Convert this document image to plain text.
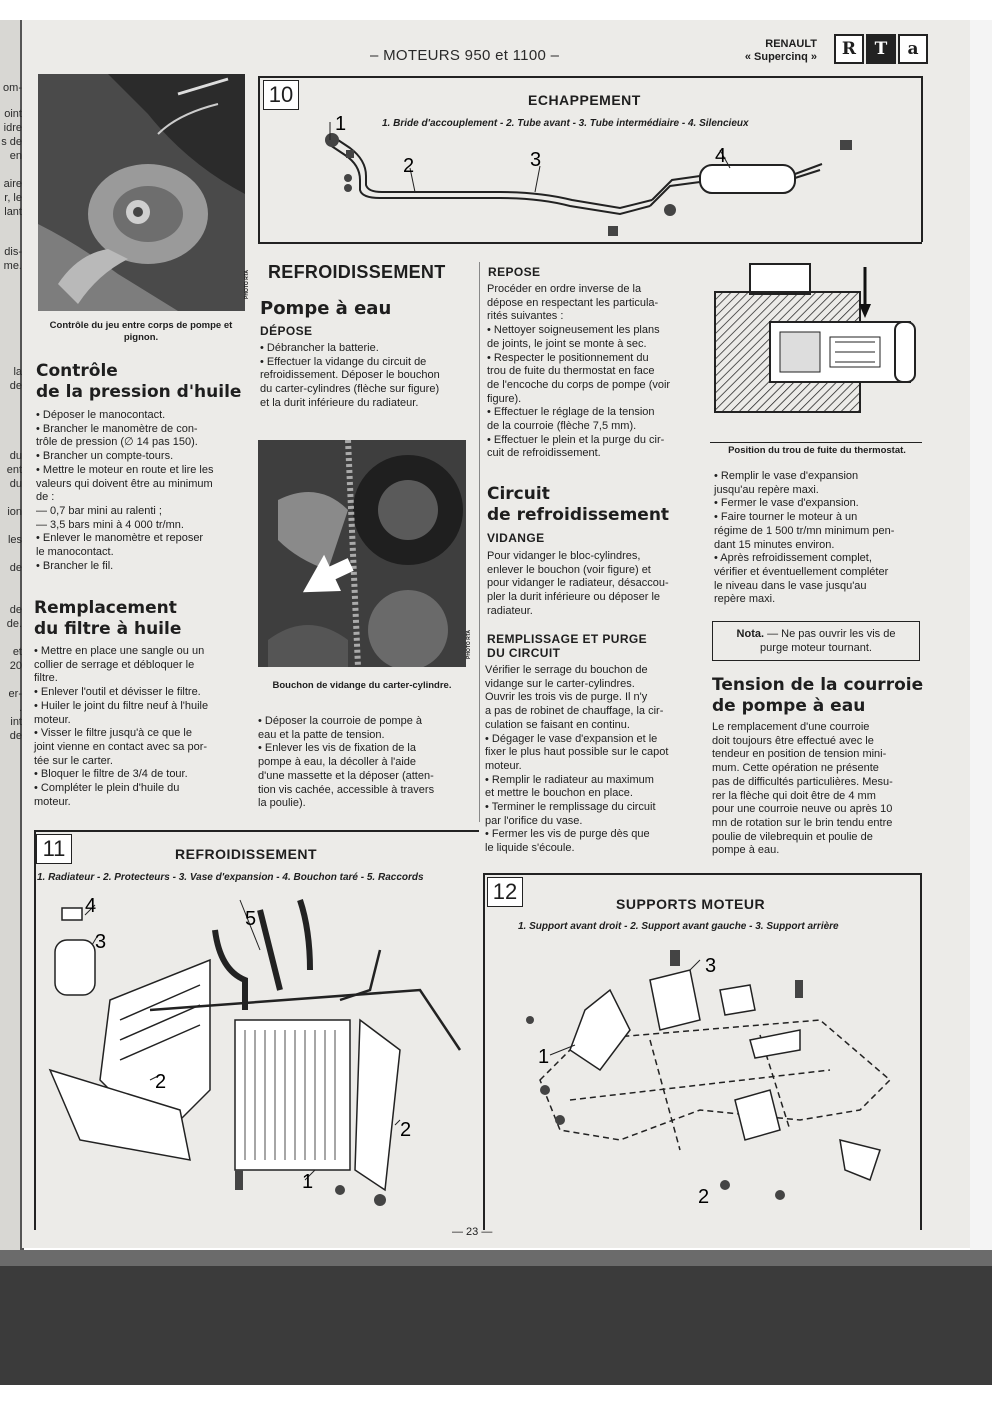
om-
oint
idre
s de
en
aire
r, le
lant
dis-
me.
la
de
du
ent
du
ion
les
de
de
de.
et
20
er-
.
int
de
– MOTEURS 950 et 1100 –
RENAULT
« Supercinq »	R	T	a
PHOTO RTA
Contrôle du jeu entre corps de pompe et pignon.
Contrôle
de la pression d'huile

• Déposer le manocontact.

• Brancher le manomètre de con-

trôle de pression (∅ 14 pas 150).

• Brancher un compte-tours.

• Mettre le moteur en route et lire les

valeurs qui doivent être au minimum

de :

— 0,7 bar mini au ralenti ;

— 3,5 bars mini à 4 000 tr/mn.

• Enlever le manomètre et reposer

le manocontact.

• Brancher le fil.

Remplacement
du filtre à huile

• Mettre en place une sangle ou un

collier de serrage et débloquer le

filtre.

• Enlever l'outil et dévisser le filtre.

• Huiler le joint du filtre neuf à l'huile

moteur.

• Visser le filtre jusqu'à ce que le

joint vienne en contact avec sa por-

tée sur le carter.

• Bloquer le filtre de 3/4 de tour.

• Compléter le plein d'huile du

moteur.

10	ECHAPPEMENT
1. Bride d'accouplement - 2. Tube avant - 3. Tube intermédiaire - 4. Silencieux
1
2	3	4
REFROIDISSEMENT
Pompe à eau
DÉPOSE

• Débrancher la batterie.

• Effectuer la vidange du circuit de

refroidissement. Déposer le bouchon

du carter-cylindres (flèche sur figure)

et la durit inférieure du radiateur.

PHOTO RTA
Bouchon de vidange du carter-cylindre.

• Déposer la courroie de pompe à

eau et la patte de tension.

• Enlever les vis de fixation de la

pompe à eau, la décoller à l'aide

d'une massette et la déposer (atten-

tion vis cachée, accessible à travers

la poulie).

REPOSE

Procéder en ordre inverse de la

dépose en respectant les particula-

rités suivantes :

• Nettoyer soigneusement les plans

de joints, le joint se monte à sec.

• Respecter le positionnement du

trou de fuite du thermostat en face

de l'encoche du corps de pompe (voir

figure).

• Effectuer le réglage de la tension

de la courroie (flèche 7,5 mm).

• Effectuer le plein et la purge du cir-

cuit de refroidissement.

Circuit
de refroidissement
VIDANGE

Pour vidanger le bloc-cylindres,

enlever le bouchon (voir figure) et

pour vidanger le radiateur, désaccou-

pler la durit inférieure ou déposer le

radiateur.

REMPLISSAGE ET PURGE
DU CIRCUIT

Vérifier le serrage du bouchon de

vidange sur le carter-cylindres.

Ouvrir les trois vis de purge. Il n'y

a pas de robinet de chauffage, la cir-

culation se faisant en continu.

• Dégager le vase d'expansion et le

fixer le plus haut possible sur le capot

moteur.

• Remplir le radiateur au maximum

et mettre le bouchon en place.

• Terminer le remplissage du circuit

par l'orifice du vase.

• Fermer les vis de purge dès que

le liquide s'écoule.

Position du trou de fuite du thermostat.

• Remplir le vase d'expansion

jusqu'au repère maxi.

• Fermer le vase d'expansion.

• Faire tourner le moteur à un

régime de 1 500 tr/mn minimum pen-

dant 15 minutes environ.

• Après refroidissement complet,

vérifier et éventuellement compléter

le niveau dans le vase jusqu'au

repère maxi.

Nota. — Ne pas ouvrir les vis de purge moteur tournant.
Tension de la courroie
de pompe à eau

Le remplacement d'une courroie

doit toujours être effectué avec le

tendeur en position de tension mini-

mum. Cette opération ne présente

pas de difficultés particulières. Mesu-

rer la flèche qui doit être de 4 mm

pour une courroie neuve ou après 10

mn de rotation sur le brin tendu entre

poulie de vilebrequin et poulie de

pompe à eau.

11	REFROIDISSEMENT
1. Radiateur - 2. Protecteurs - 3. Vase d'expansion - 4. Bouchon taré - 5. Raccords
4
3
5
2
2
1
12	SUPPORTS MOTEUR
1. Support avant droit - 2. Support avant gauche - 3. Support arrière
3
1
2
— 23 —
